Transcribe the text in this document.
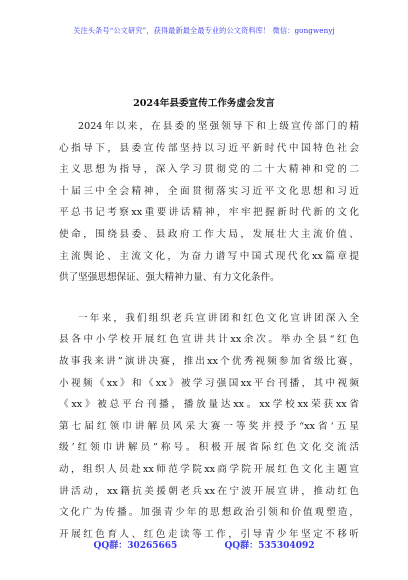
关注头条号“公文研究”，获得最新最全最专业的公文资料库！ 微信：gongwenyj
2024年县委宣传工作务虚会发言
2024年以来，在县委的坚强领导下和上级宣传部门的精
心指导下，县委宣传部坚持以习近平新时代中国特色社会
主义思想为指导，深入学习贯彻党的二十大精神和党的二
十届三中全会精神，全面贯彻落实习近平文化思想和习近
平总书记考察xx重要讲话精神，牢牢把握新时代新的文化
使命，围绕县委、县政府工作大局，发展壮大主流价值、
主流舆论、主流文化，为奋力谱写中国式现代化xx篇章提
供了坚强思想保证、强大精神力量、有力文化条件。
一年来，我们组织老兵宣讲团和红色文化宣讲团深入全
县各中小学校开展红色宣讲共计xx余次。举办全县“红色
故事我来讲”演讲决赛，推出xx个优秀视频参加省级比赛，
小视频《xx》和《xx》被学习强国xx平台刊播，其中视频
《xx》被总平台刊播，播放量达xx。xx学校xx荣获xx省
第七届红领巾讲解员风采大赛一等奖并授予“xx省‘五星
级’红领巾讲解员”称号。积极开展省际红色文化交流活
动，组织人员赴xx师范学院xx商学院开展红色文化主题宣
讲活动，xx籍抗美援朝老兵xx在宁波开展宣讲，推动红色
文化广为传播。加强青少年的思想政治引领和价值观塑造，
开展红色育人、红色走读等工作，引导青少年坚定不移听
QQ群：30265665	QQ群：535304092
